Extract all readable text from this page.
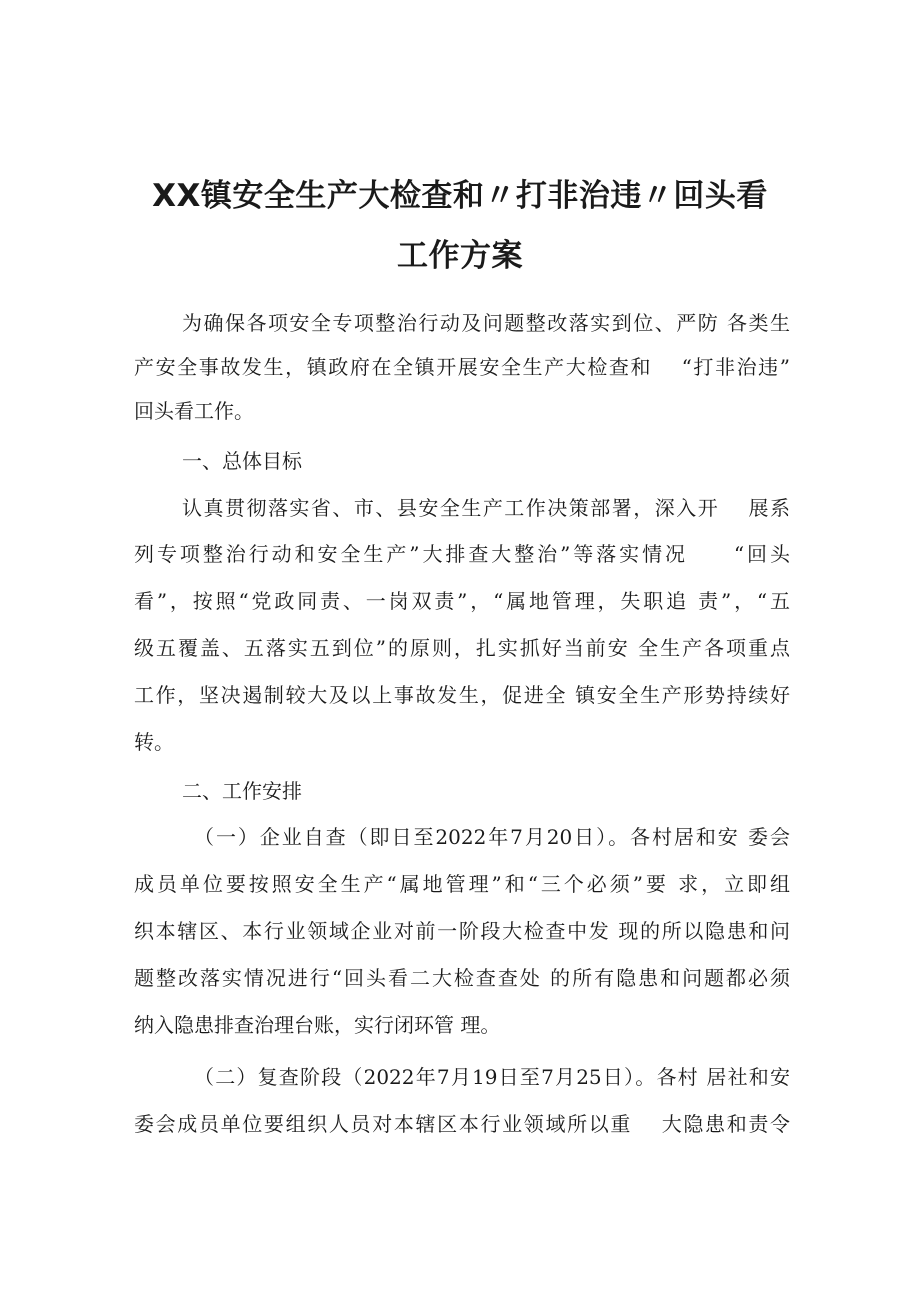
XX镇安全生产大检查和〃打非治违〃回头看
工作方案

为确保各项安全专项整治行动及问题整改落实到位、严防 各类生

产安全事故发生，镇政府在全镇开展安全生产大检查和　 “打非治违”

回头看工作。

一、总体目标

认真贯彻落实省、市、县安全生产工作决策部署，深入开　 展系

列专项整治行动和安全生产”大排查大整治”等落实情况　　“回头

看”，按照“党政同责、一岗双责”，“属地管理，失职追 责”，“五

级五覆盖、五落实五到位”的原则，扎实抓好当前安 全生产各项重点

工作，坚决遏制较大及以上事故发生，促进全 镇安全生产形势持续好

转。

二、工作安排

（一）企业自查（即日至2022年7月20日）。各村居和安 委会

成员单位要按照安全生产“属地管理”和“三个必须”要 求，立即组

织本辖区、本行业领域企业对前一阶段大检查中发 现的所以隐患和问

题整改落实情况进行“回头看二大检查查处 的所有隐患和问题都必须

纳入隐患排查治理台账，实行闭环管 理。

（二）复查阶段（2022年7月19日至7月25日）。各村 居社和安

委会成员单位要组织人员对本辖区本行业领域所以重　 大隐患和责令
